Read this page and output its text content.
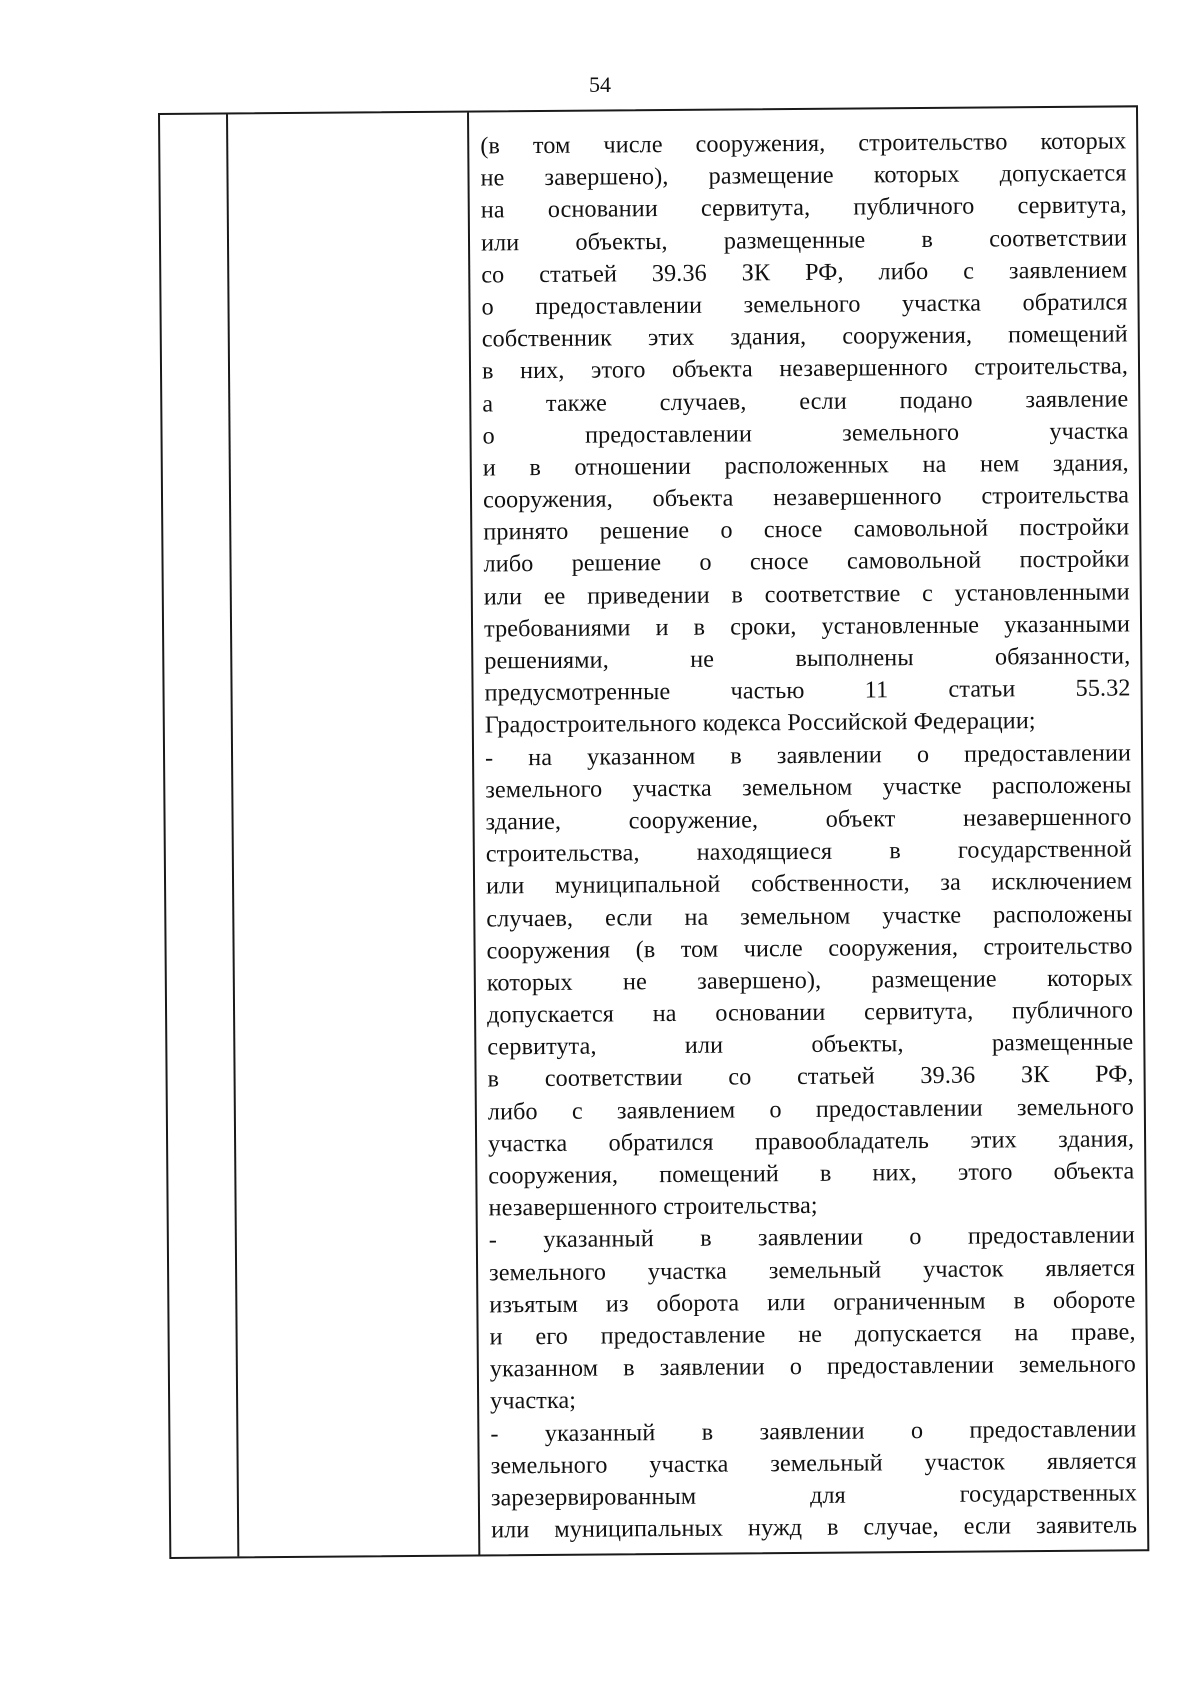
54
(в том числе сооружения, строительство которых
не завершено), размещение которых допускается
на основании сервитута, публичного сервитута,
или объекты, размещенные в соответствии
со статьей 39.36 ЗК РФ, либо с заявлением
о предоставлении земельного участка обратился
собственник этих здания, сооружения, помещений
в них, этого объекта незавершенного строительства,
а также случаев, если подано заявление
о предоставлении земельного участка
и в отношении расположенных на нем здания,
сооружения, объекта незавершенного строительства
принято решение о сносе самовольной постройки
либо решение о сносе самовольной постройки
или ее приведении в соответствие с установленными
требованиями и в сроки, установленные указанными
решениями, не выполнены обязанности,
предусмотренные частью 11 статьи 55.32
Градостроительного кодекса Российской Федерации;
- на указанном в заявлении о предоставлении
земельного участка земельном участке расположены
здание, сооружение, объект незавершенного
строительства, находящиеся в государственной
или муниципальной собственности, за исключением
случаев, если на земельном участке расположены
сооружения (в том числе сооружения, строительство
которых не завершено), размещение которых
допускается на основании сервитута, публичного
сервитута, или объекты, размещенные
в соответствии со статьей 39.36 ЗК РФ,
либо с заявлением о предоставлении земельного
участка обратился правообладатель этих здания,
сооружения, помещений в них, этого объекта
незавершенного строительства;
- указанный в заявлении о предоставлении
земельного участка земельный участок является
изъятым из оборота или ограниченным в обороте
и его предоставление не допускается на праве,
указанном в заявлении о предоставлении земельного
участка;
- указанный в заявлении о предоставлении
земельного участка земельный участок является
зарезервированным для государственных
или муниципальных нужд в случае, если заявитель
